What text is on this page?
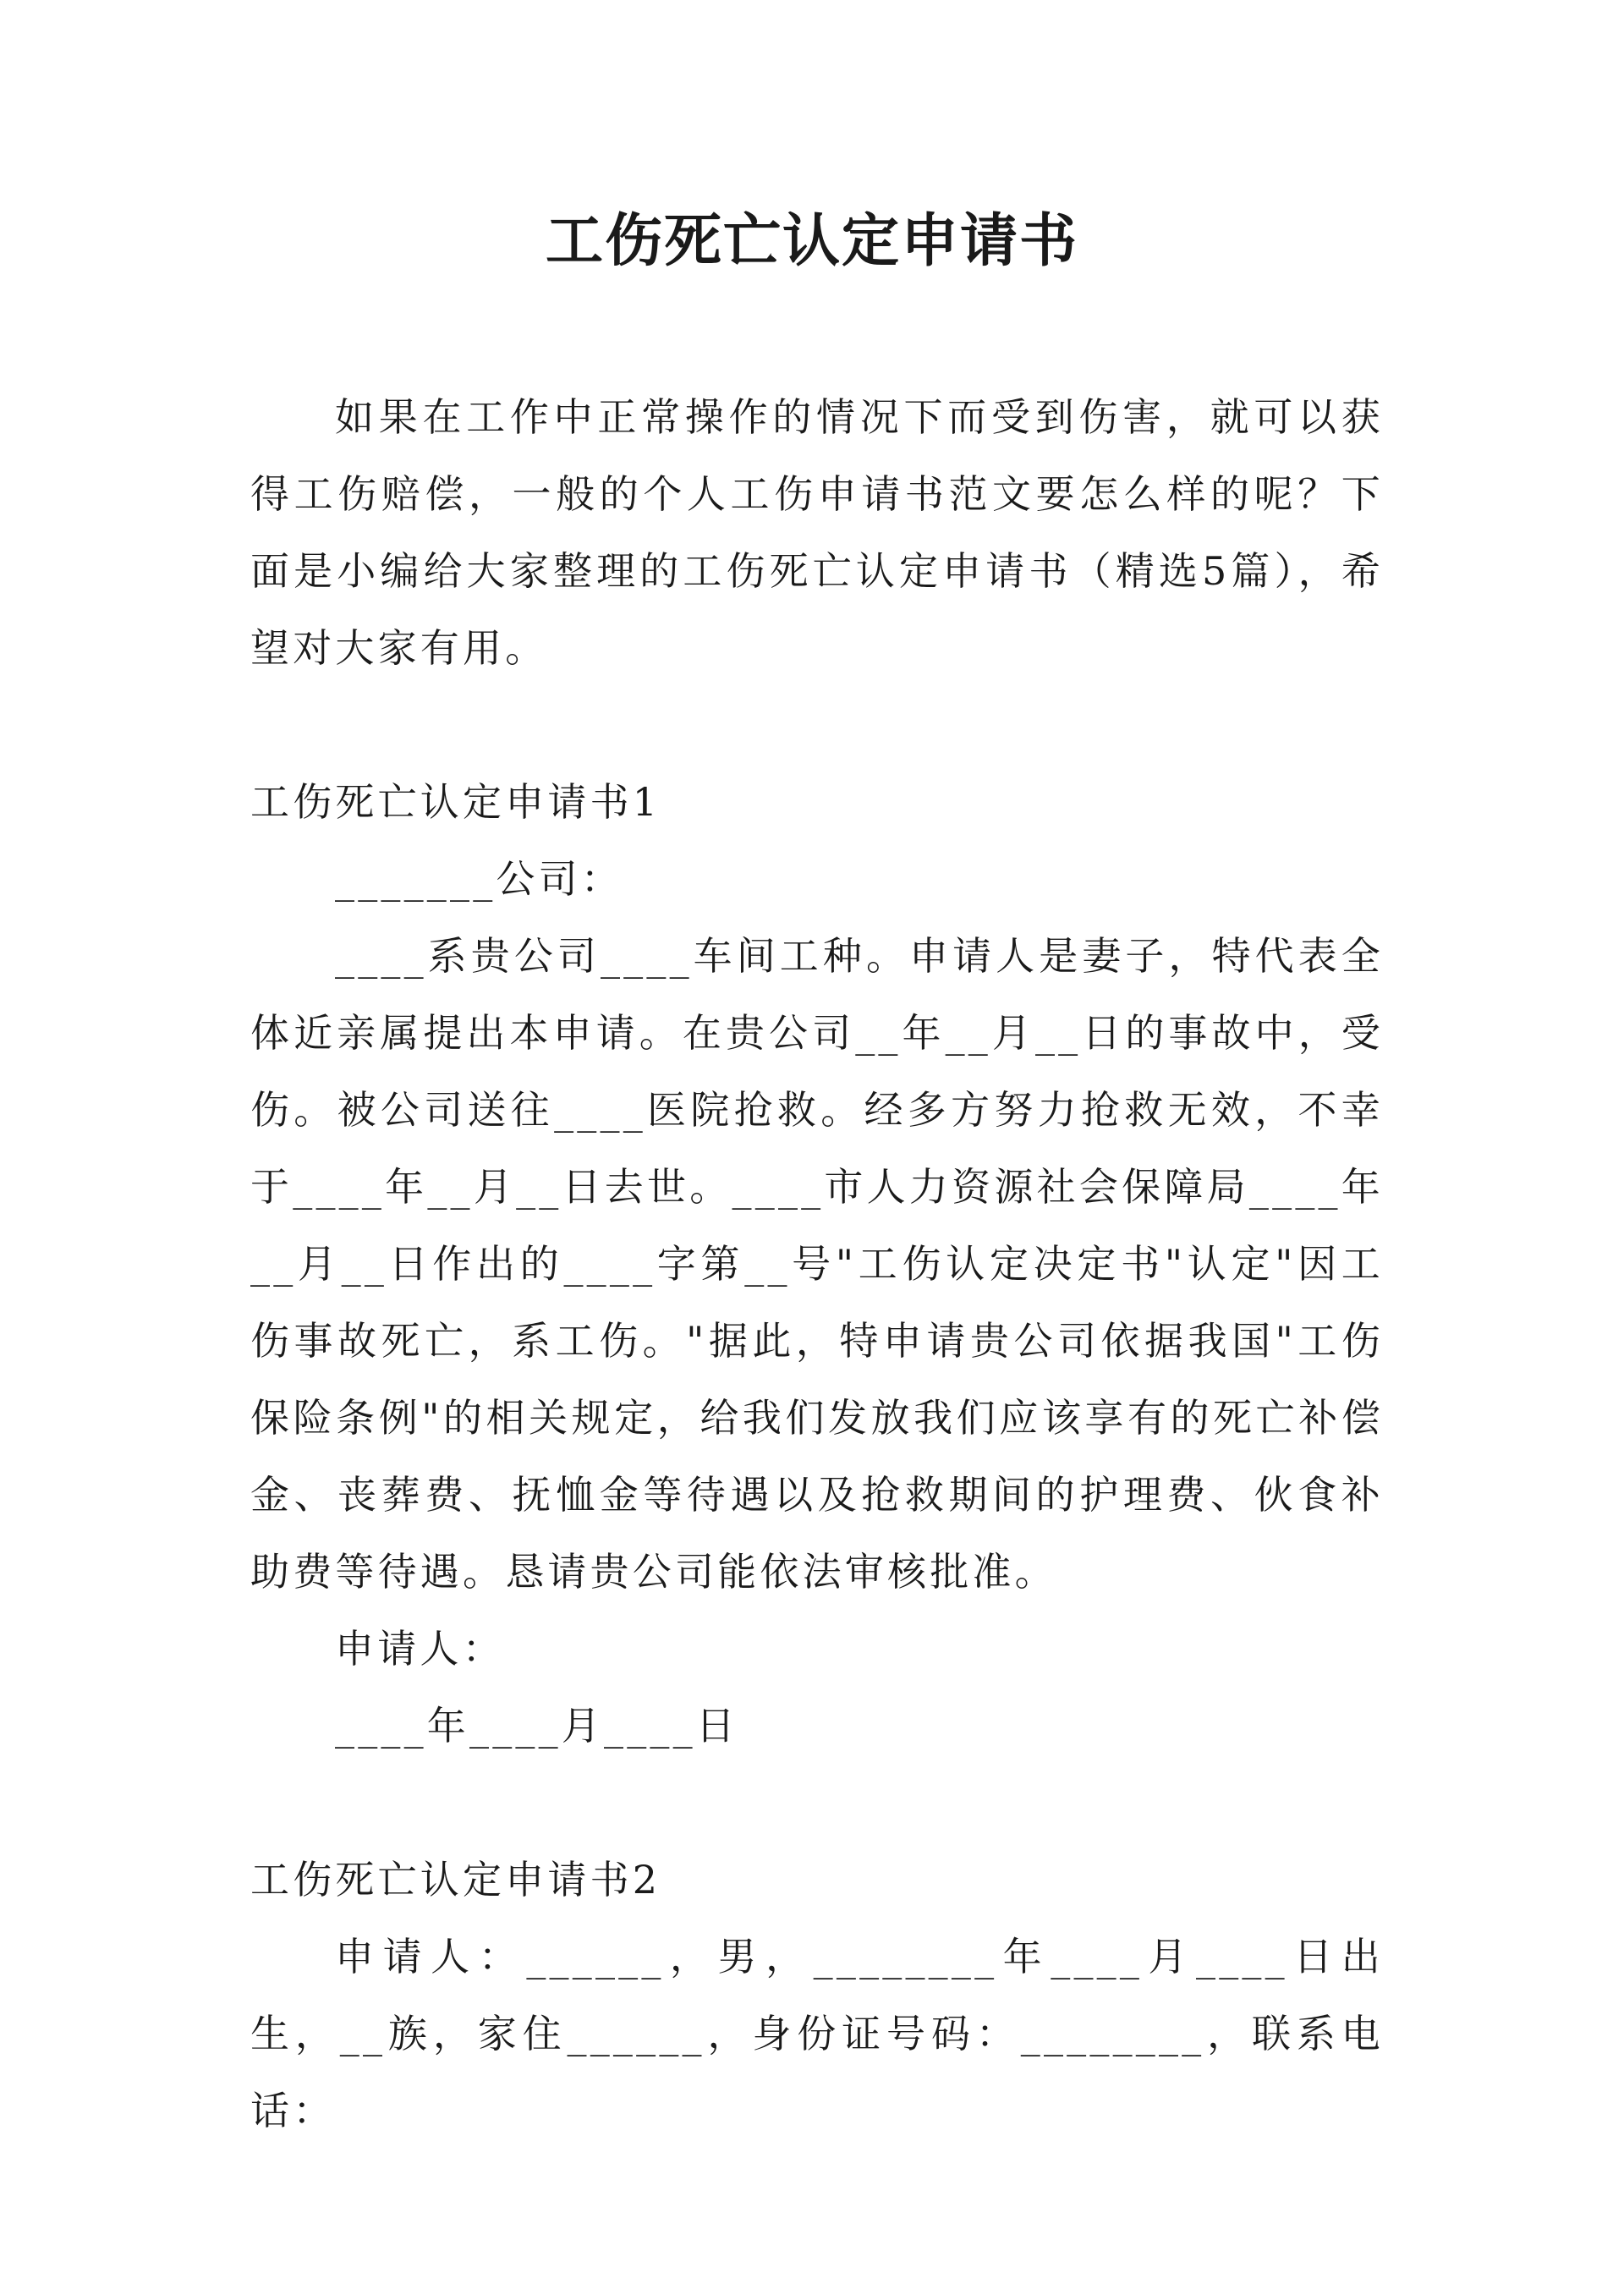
工伤死亡认定申请书

如果在工作中正常操作的情况下而受到伤害，就可以获得工伤赔偿，一般的个人工伤申请书范文要怎么样的呢？下面是小编给大家整理的工伤死亡认定申请书（精选5篇），希望对大家有用。

工伤死亡认定申请书1

_______公司：

____系贵公司____车间工种。申请人是妻子，特代表全体近亲属提出本申请。在贵公司__年__月__日的事故中，受伤。被公司送往____医院抢救。经多方努力抢救无效，不幸于____年__月__日去世。____市人力资源社会保障局____年__月__日作出的____字第__号"工伤认定决定书"认定"因工伤事故死亡，系工伤。"据此，特申请贵公司依据我国"工伤保险条例"的相关规定，给我们发放我们应该享有的死亡补偿金、丧葬费、抚恤金等待遇以及抢救期间的护理费、伙食补助费等待遇。恳请贵公司能依法审核批准。

申请人：

____年____月____日

工伤死亡认定申请书2

申请人：______，男，________年____月____日出生，__族，家住______，身份证号码：________，联系电话：
